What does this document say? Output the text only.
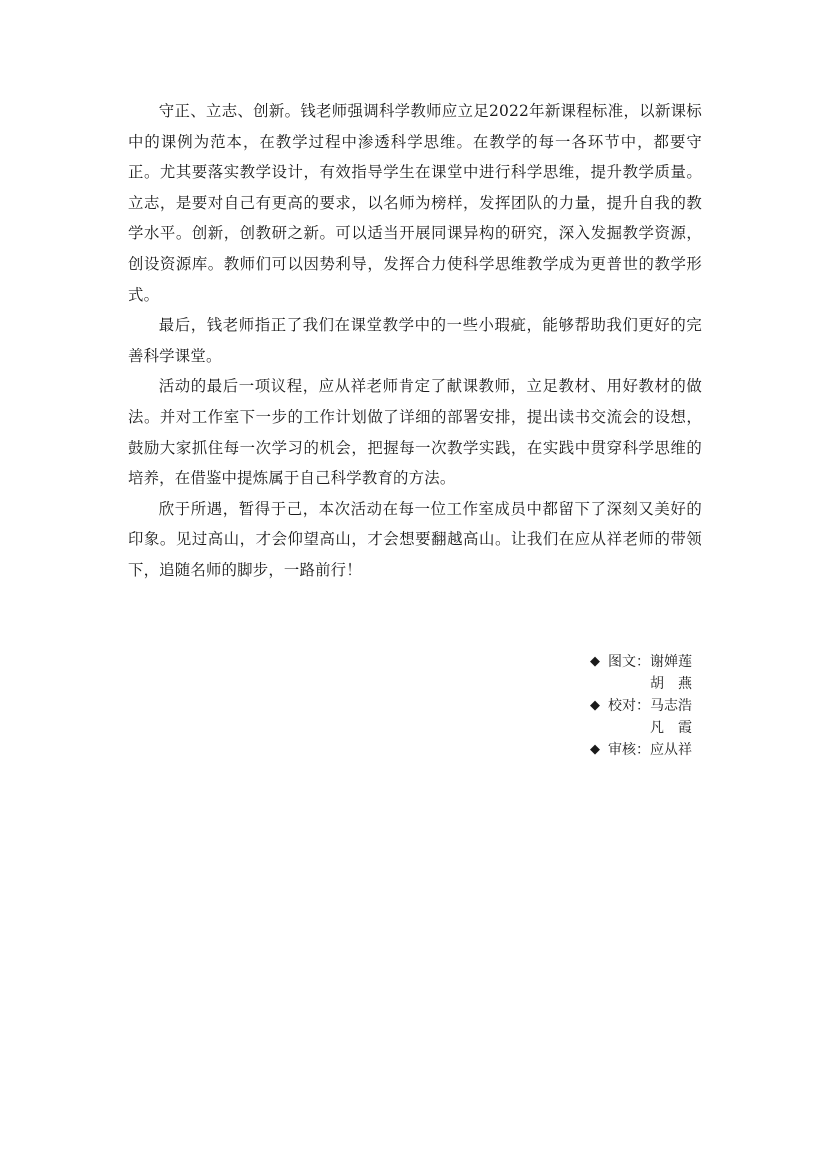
守正、立志、创新。钱老师强调科学教师应立足2022年新课程标准，以新课标中的课例为范本，在教学过程中渗透科学思维。在教学的每一各环节中，都要守正。尤其要落实教学设计，有效指导学生在课堂中进行科学思维，提升教学质量。立志，是要对自己有更高的要求，以名师为榜样，发挥团队的力量，提升自我的教学水平。创新，创教研之新。可以适当开展同课异构的研究，深入发掘教学资源，创设资源库。教师们可以因势利导，发挥合力使科学思维教学成为更普世的教学形式。

最后，钱老师指正了我们在课堂教学中的一些小瑕疵，能够帮助我们更好的完善科学课堂。

活动的最后一项议程，应从祥老师肯定了献课教师，立足教材、用好教材的做法。并对工作室下一步的工作计划做了详细的部署安排，提出读书交流会的设想，鼓励大家抓住每一次学习的机会，把握每一次教学实践，在实践中贯穿科学思维的培养，在借鉴中提炼属于自己科学教育的方法。

欣于所遇，暂得于己，本次活动在每一位工作室成员中都留下了深刻又美好的印象。见过高山，才会仰望高山，才会想要翻越高山。让我们在应从祥老师的带领下，追随名师的脚步，一路前行！

◆ 图文： 谢婵莲
胡 燕
◆ 校对： 马志浩
凡 霞
◆ 审核： 应从祥
